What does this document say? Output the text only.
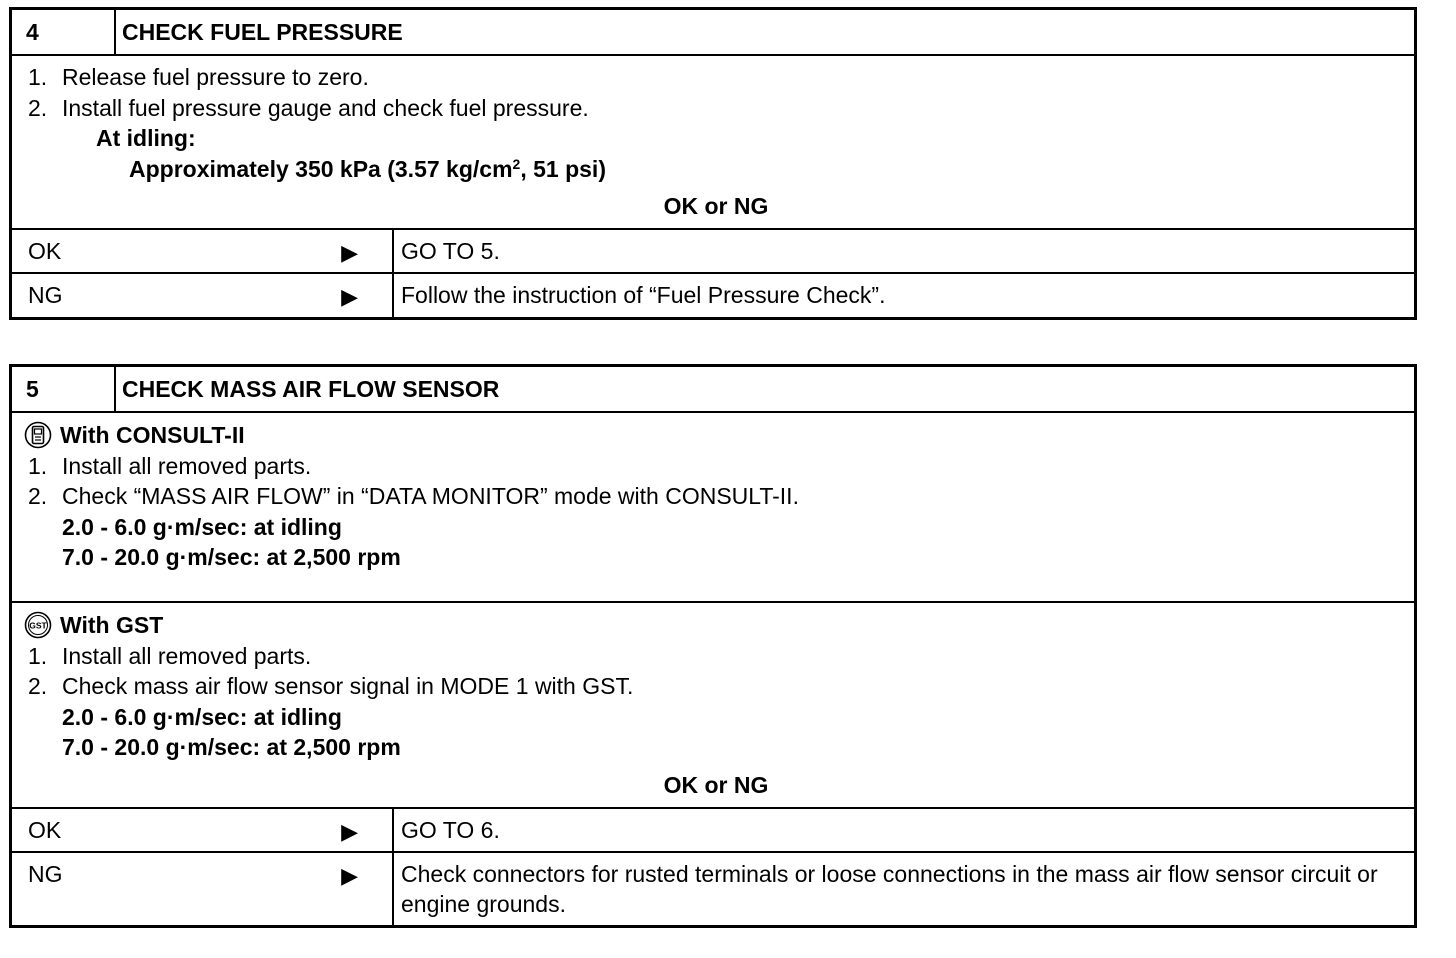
4	CHECK FUEL PRESSURE
1. Release fuel pressure to zero.
2. Install fuel pressure gauge and check fuel pressure.
At idling:
Approximately 350 kPa (3.57 $kg/cm^2$, 51 psi)
OK or NG
OK	▶	GO TO 5.
NG	▶	Follow the instruction of “Fuel Pressure Check”.
5	CHECK MASS AIR FLOW SENSOR
With CONSULT-II
1. Install all removed parts.
2. Check “MASS AIR FLOW” in “DATA MONITOR” mode with CONSULT-II.
2.0 - 6.0 g·m/sec: at idling
7.0 - 20.0 g·m/sec: at 2,500 rpm
GST With GST
1. Install all removed parts.
2. Check mass air flow sensor signal in MODE 1 with GST.
2.0 - 6.0 g·m/sec: at idling
7.0 - 20.0 g·m/sec: at 2,500 rpm
OK or NG
OK	▶	GO TO 6.
NG	▶	Check connectors for rusted terminals or loose connections in the mass air flow sensor circuit or engine grounds.
